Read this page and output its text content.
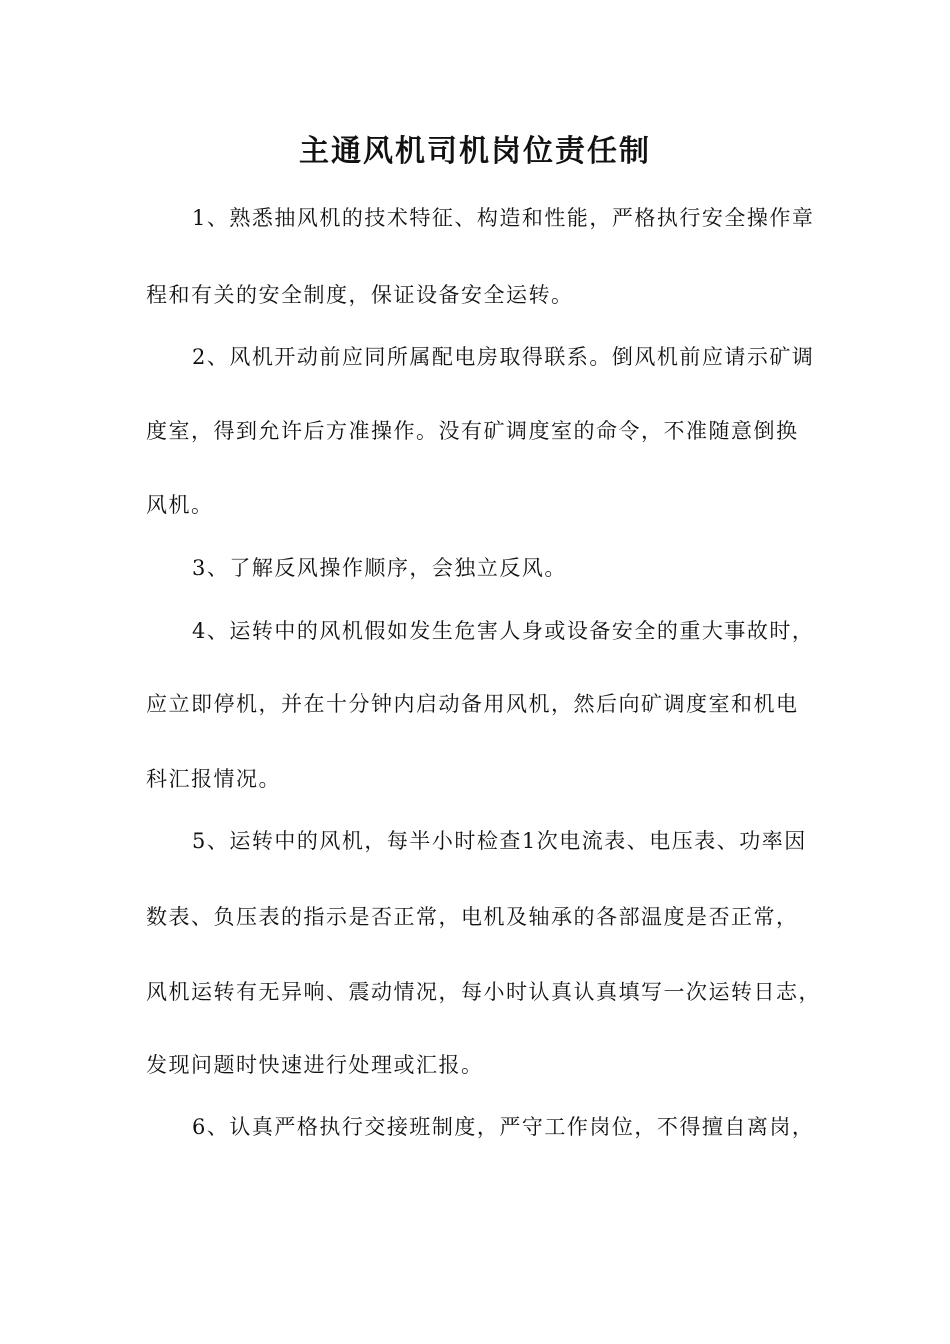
主通风机司机岗位责任制
1、熟悉抽风机的技术特征、构造和性能，严格执行安全操作章
程和有关的安全制度，保证设备安全运转。
2、风机开动前应同所属配电房取得联系。倒风机前应请示矿调
度室，得到允许后方准操作。没有矿调度室的命令，不准随意倒换
风机。
3、了解反风操作顺序，会独立反风。
4、运转中的风机假如发生危害人身或设备安全的重大事故时，
应立即停机，并在十分钟内启动备用风机，然后向矿调度室和机电
科汇报情况。
5、运转中的风机，每半小时检查1次电流表、电压表、功率因
数表、负压表的指示是否正常，电机及轴承的各部温度是否正常，
风机运转有无异响、震动情况，每小时认真认真填写一次运转日志，
发现问题时快速进行处理或汇报。
6、认真严格执行交接班制度，严守工作岗位，不得擅自离岗，
